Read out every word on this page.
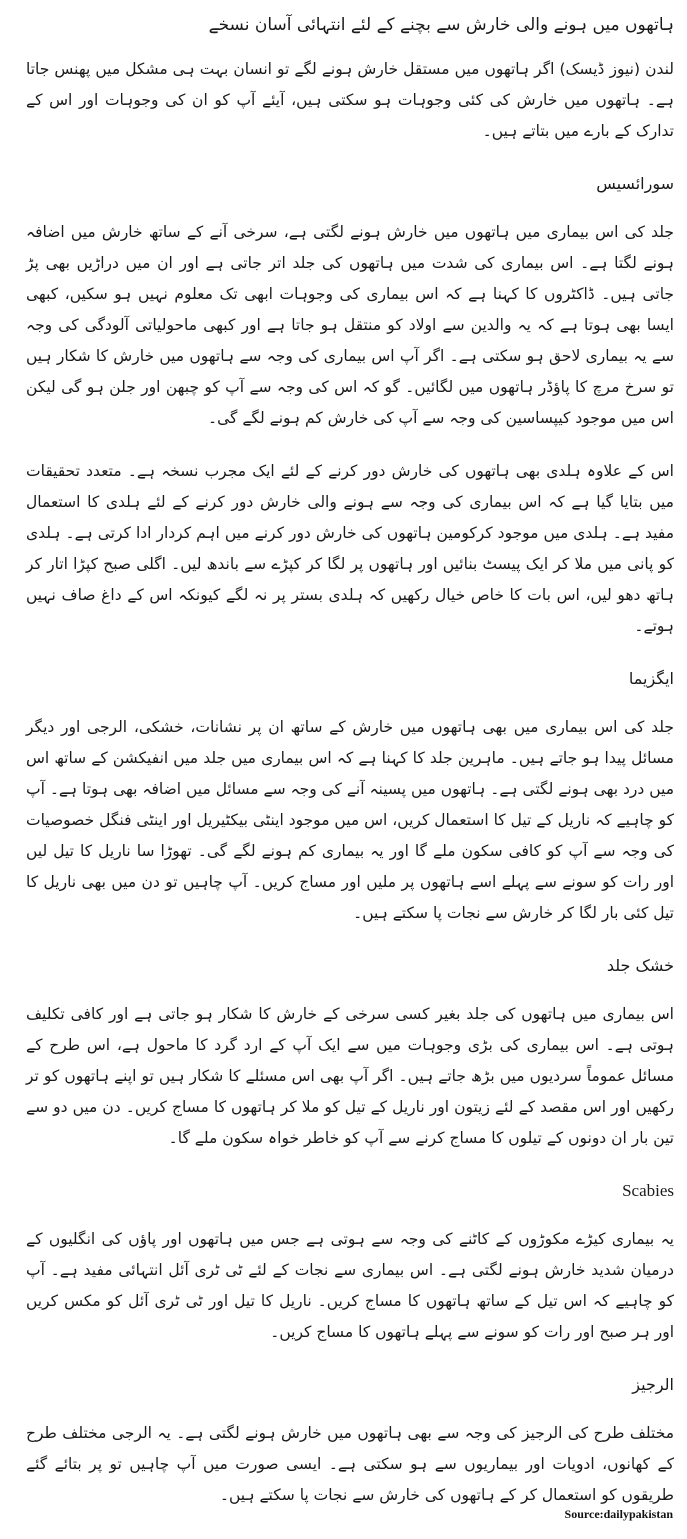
ہاتھوں میں ہونے والی خارش سے بچنے کے لئے انتہائی آسان نسخے

لندن (نیوز ڈیسک) اگر ہاتھوں میں مستقل خارش ہونے لگے تو انسان بہت ہی مشکل میں پھنس جاتا ہے۔ ہاتھوں میں خارش کی کئی وجوہات ہو سکتی ہیں، آیئے آپ کو ان کی وجوہات اور اس کے تدارک کے بارے میں بتاتے ہیں۔

سورائسیس

جلد کی اس بیماری میں ہاتھوں میں خارش ہونے لگتی ہے، سرخی آنے کے ساتھ خارش میں اضافہ ہونے لگتا ہے۔ اس بیماری کی شدت میں ہاتھوں کی جلد اتر جاتی ہے اور ان میں دراڑیں بھی پڑ جاتی ہیں۔ ڈاکٹروں کا کہنا ہے کہ اس بیماری کی وجوہات ابھی تک معلوم نہیں ہو سکیں، کبھی ایسا بھی ہوتا ہے کہ یہ والدین سے اولاد کو منتقل ہو جاتا ہے اور کبھی ماحولیاتی آلودگی کی وجہ سے یہ بیماری لاحق ہو سکتی ہے۔ اگر آپ اس بیماری کی وجہ سے ہاتھوں میں خارش کا شکار ہیں تو سرخ مرچ کا پاؤڈر ہاتھوں میں لگائیں۔ گو کہ اس کی وجہ سے آپ کو چبھن اور جلن ہو گی لیکن اس میں موجود کیپساسین کی وجہ سے آپ کی خارش کم ہونے لگے گی۔

اس کے علاوہ ہلدی بھی ہاتھوں کی خارش دور کرنے کے لئے ایک مجرب نسخہ ہے۔ متعدد تحقیقات میں بتایا گیا ہے کہ اس بیماری کی وجہ سے ہونے والی خارش دور کرنے کے لئے ہلدی کا استعمال مفید ہے۔ ہلدی میں موجود کرکومین ہاتھوں کی خارش دور کرنے میں اہم کردار ادا کرتی ہے۔ ہلدی کو پانی میں ملا کر ایک پیسٹ بنائیں اور ہاتھوں پر لگا کر کپڑے سے باندھ لیں۔ اگلی صبح کپڑا اتار کر ہاتھ دھو لیں، اس بات کا خاص خیال رکھیں کہ ہلدی بستر پر نہ لگے کیونکہ اس کے داغ صاف نہیں ہوتے۔

ایگزیما

جلد کی اس بیماری میں بھی ہاتھوں میں خارش کے ساتھ ان پر نشانات، خشکی، الرجی اور دیگر مسائل پیدا ہو جاتے ہیں۔ ماہرین جلد کا کہنا ہے کہ اس بیماری میں جلد میں انفیکشن کے ساتھ اس میں درد بھی ہونے لگتی ہے۔ ہاتھوں میں پسینہ آنے کی وجہ سے مسائل میں اضافہ بھی ہوتا ہے۔ آپ کو چاہیے کہ ناریل کے تیل کا استعمال کریں، اس میں موجود اینٹی بیکٹیریل اور اینٹی فنگل خصوصیات کی وجہ سے آپ کو کافی سکون ملے گا اور یہ بیماری کم ہونے لگے گی۔ تھوڑا سا ناریل کا تیل لیں اور رات کو سونے سے پہلے اسے ہاتھوں پر ملیں اور مساج کریں۔ آپ چاہیں تو دن میں بھی ناریل کا تیل کئی بار لگا کر خارش سے نجات پا سکتے ہیں۔

خشک جلد

اس بیماری میں ہاتھوں کی جلد بغیر کسی سرخی کے خارش کا شکار ہو جاتی ہے اور کافی تکلیف ہوتی ہے۔ اس بیماری کی بڑی وجوہات میں سے ایک آپ کے ارد گرد کا ماحول ہے، اس طرح کے مسائل عموماً سردیوں میں بڑھ جاتے ہیں۔ اگر آپ بھی اس مسئلے کا شکار ہیں تو اپنے ہاتھوں کو تر رکھیں اور اس مقصد کے لئے زیتون اور ناریل کے تیل کو ملا کر ہاتھوں کا مساج کریں۔ دن میں دو سے تین بار ان دونوں کے تیلوں کا مساج کرنے سے آپ کو خاطر خواہ سکون ملے گا۔

Scabies

یہ بیماری کیڑے مکوڑوں کے کاٹنے کی وجہ سے ہوتی ہے جس میں ہاتھوں اور پاؤں کی انگلیوں کے درمیان شدید خارش ہونے لگتی ہے۔ اس بیماری سے نجات کے لئے ٹی ٹری آئل انتہائی مفید ہے۔ آپ کو چاہیے کہ اس تیل کے ساتھ ہاتھوں کا مساج کریں۔ ناریل کا تیل اور ٹی ٹری آئل کو مکس کریں اور ہر صبح اور رات کو سونے سے پہلے ہاتھوں کا مساج کریں۔

الرجیز

مختلف طرح کی الرجیز کی وجہ سے بھی ہاتھوں میں خارش ہونے لگتی ہے۔ یہ الرجی مختلف طرح کے کھانوں، ادویات اور بیماریوں سے ہو سکتی ہے۔ ایسی صورت میں آپ چاہیں تو پر بتائے گئے طریقوں کو استعمال کر کے ہاتھوں کی خارش سے نجات پا سکتے ہیں۔

Source:dailypakistan
